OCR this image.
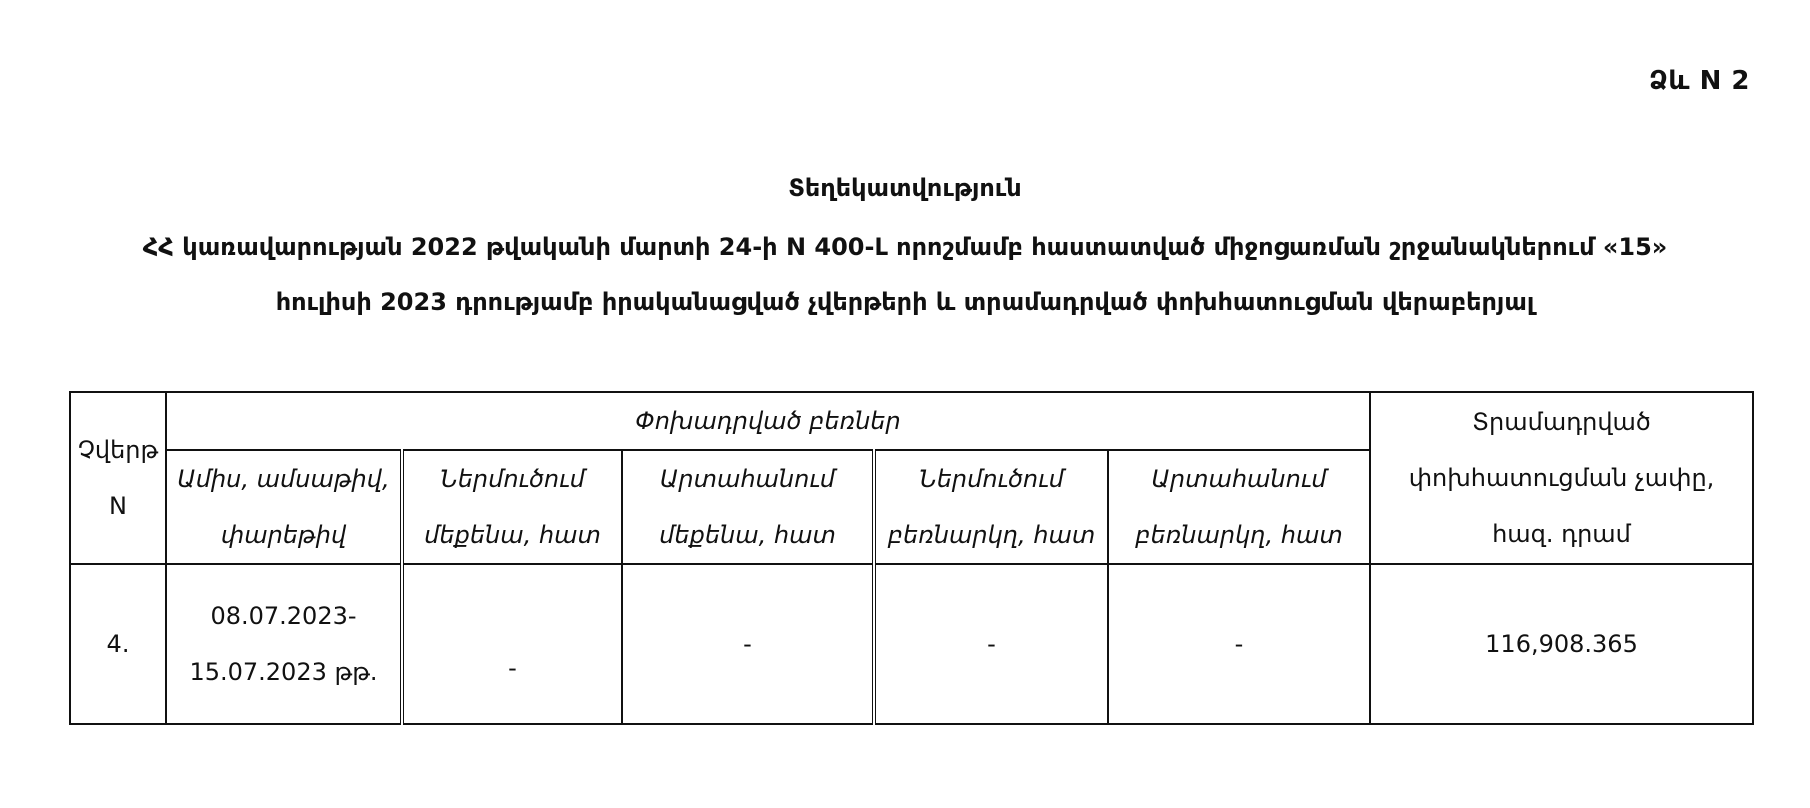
Ձև N 2
Տեղեկատվություն
ՀՀ կառավարության 2022 թվականի մարտի 24-ի N 400-Լ որոշմամբ հաստատված միջոցառման շրջանակներում «15»
հուլիսի 2023 դրությամբ իրականացված չվերթերի և տրամադրված փոխհատուցման վերաբերյալ
Չվերթ N	Փոխադրված բեռներ					Տրամադրված փոխհատուցման չափը, հազ. դրամ
	Ամիս, ամսաթիվ, փարեթիվ	Ներմուծում մեքենա, հատ	Արտահանում մեքենա, հատ	Ներմուծում բեռնարկղ, հատ	Արտահանում բեռնարկղ, հատ	
4.	08.07.2023-15.07.2023 թթ.	-	-	-	-	116,908.365
